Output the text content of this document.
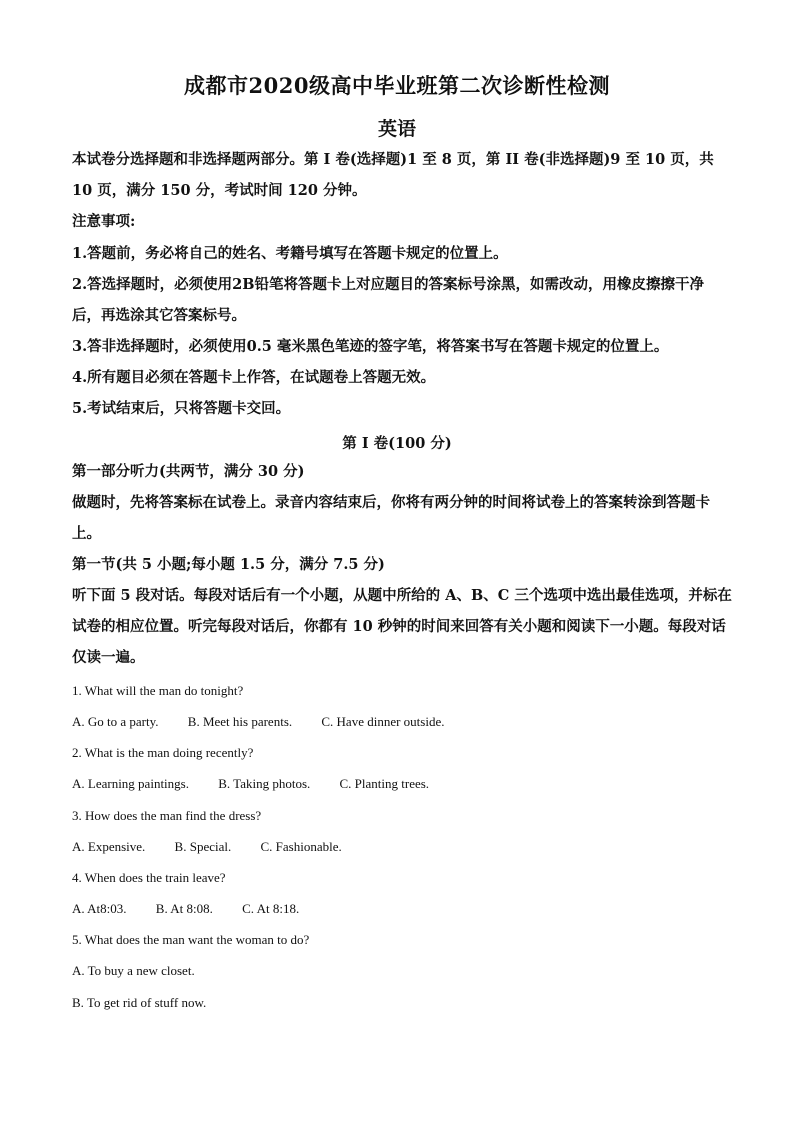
成都市2020级高中毕业班第二次诊断性检测
英语
本试卷分选择题和非选择题两部分。第 I 卷(选择题)1 至 8 页，第 II 卷(非选择题)9 至 10 页，共 10 页，满分 150 分，考试时间 120 分钟。
注意事项:
1.答题前，务必将自己的姓名、考籍号填写在答题卡规定的位置上。
2.答选择题时，必须使用2B铅笔将答题卡上对应题目的答案标号涂黑，如需改动，用橡皮擦擦干净后，再选涂其它答案标号。
3.答非选择题时，必须使用0.5 毫米黑色笔迹的签字笔，将答案书写在答题卡规定的位置上。
4.所有题目必须在答题卡上作答，在试题卷上答题无效。
5.考试结束后，只将答题卡交回。
第 I 卷(100 分)
第一部分听力(共两节，满分 30 分)
做题时，先将答案标在试卷上。录音内容结束后，你将有两分钟的时间将试卷上的答案转涂到答题卡上。
第一节(共 5 小题;每小题 1.5 分，满分 7.5 分)
听下面 5 段对话。每段对话后有一个小题，从题中所给的 A、B、C 三个选项中选出最佳选项，并标在试卷的相应位置。听完每段对话后，你都有 10 秒钟的时间来回答有关小题和阅读下一小题。每段对话仅读一遍。
1. What will the man do tonight?
A. Go to a party. B. Meet his parents. C. Have dinner outside.
2. What is the man doing recently?
A. Learning paintings. B. Taking photos. C. Planting trees.
3. How does the man find the dress?
A. Expensive. B. Special. C. Fashionable.
4. When does the train leave?
A. At8:03. B. At 8:08. C. At 8:18.
5. What does the man want the woman to do?
A. To buy a new closet.
B. To get rid of stuff now.
